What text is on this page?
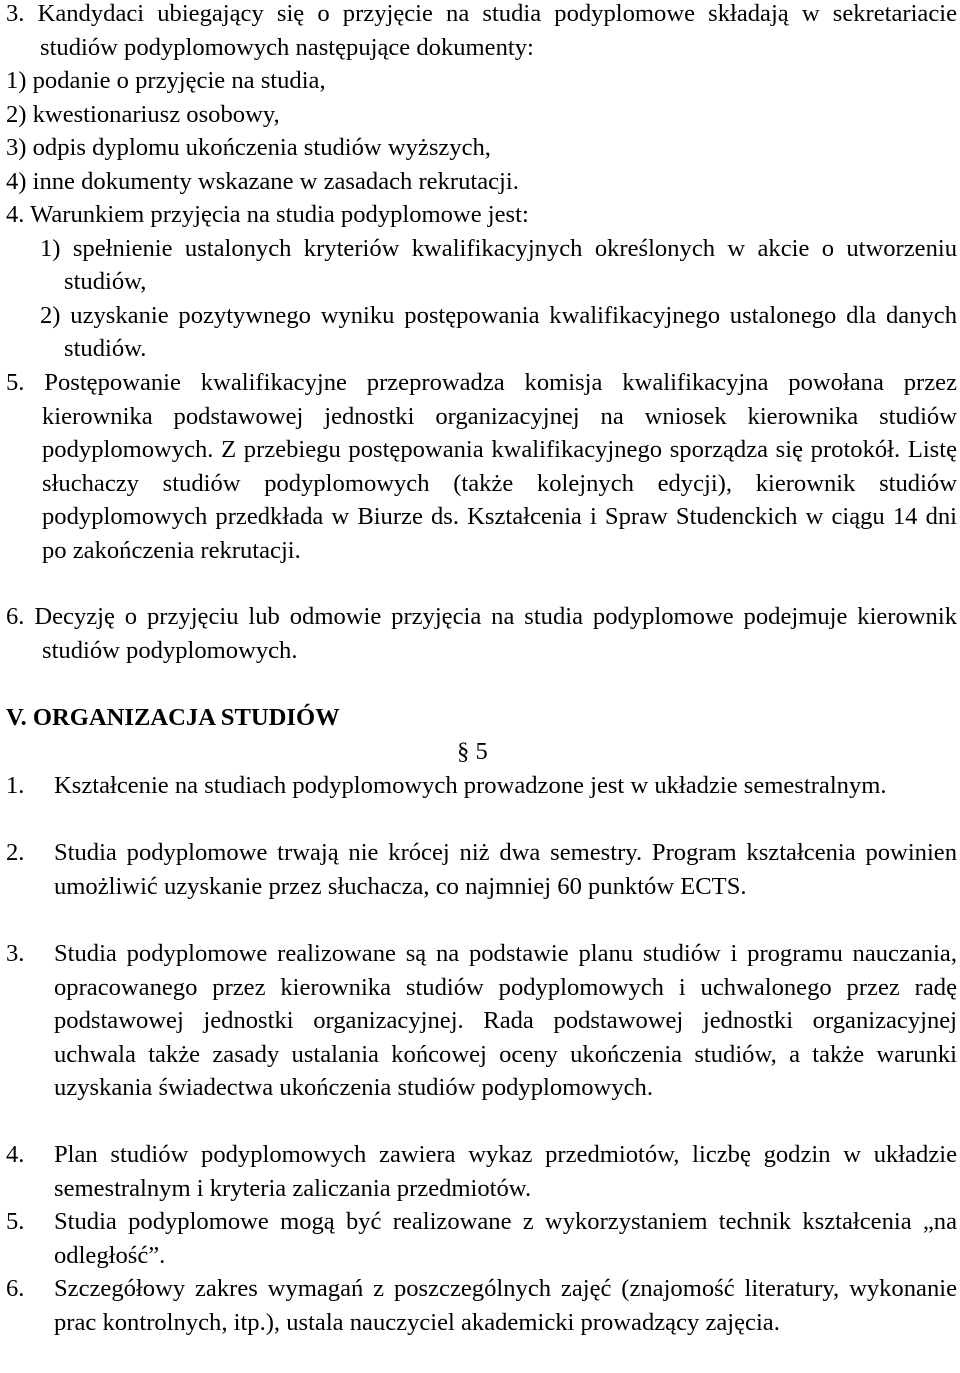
3. Kandydaci ubiegający się o przyjęcie na studia podyplomowe składają w sekretariacie studiów podyplomowych następujące dokumenty:
1) podanie o przyjęcie na studia,
2) kwestionariusz osobowy,
3) odpis dyplomu ukończenia studiów wyższych,
4) inne dokumenty wskazane w zasadach rekrutacji.
4. Warunkiem przyjęcia na studia podyplomowe jest:
1) spełnienie ustalonych kryteriów kwalifikacyjnych określonych w akcie o utworzeniu studiów,
2) uzyskanie pozytywnego wyniku postępowania kwalifikacyjnego ustalonego dla danych studiów.

5. Postępowanie kwalifikacyjne przeprowadza komisja kwalifikacyjna powołana przez kierownika podstawowej jednostki organizacyjnej na wniosek kierownika studiów podyplomowych. Z przebiegu postępowania kwalifikacyjnego sporządza się protokół. Listę słuchaczy studiów podyplomowych (także kolejnych edycji), kierownik studiów podyplomowych przedkłada w Biurze ds. Kształcenia i Spraw Studenckich w ciągu 14 dni po zakończenia rekrutacji.

6. Decyzję o przyjęciu lub odmowie przyjęcia na studia podyplomowe podejmuje kierownik studiów podyplomowych.

V. ORGANIZACJA STUDIÓW

§ 5

1. Kształcenie na studiach podyplomowych prowadzone jest w układzie semestralnym.

2. Studia podyplomowe trwają nie krócej niż dwa semestry. Program kształcenia powinien umożliwić uzyskanie przez słuchacza, co najmniej 60 punktów ECTS.

3. Studia podyplomowe realizowane są na podstawie planu studiów i programu nauczania, opracowanego przez kierownika studiów podyplomowych i uchwalonego przez radę podstawowej jednostki organizacyjnej. Rada podstawowej jednostki organizacyjnej uchwala także zasady ustalania końcowej oceny ukończenia studiów, a także warunki uzyskania świadectwa ukończenia studiów podyplomowych.

4. Plan studiów podyplomowych zawiera wykaz przedmiotów, liczbę godzin w układzie semestralnym i kryteria zaliczania przedmiotów.

5. Studia podyplomowe mogą być realizowane z wykorzystaniem technik kształcenia „na odległość”.

6. Szczegółowy zakres wymagań z poszczególnych zajęć (znajomość literatury, wykonanie prac kontrolnych, itp.), ustala nauczyciel akademicki prowadzący zajęcia.
